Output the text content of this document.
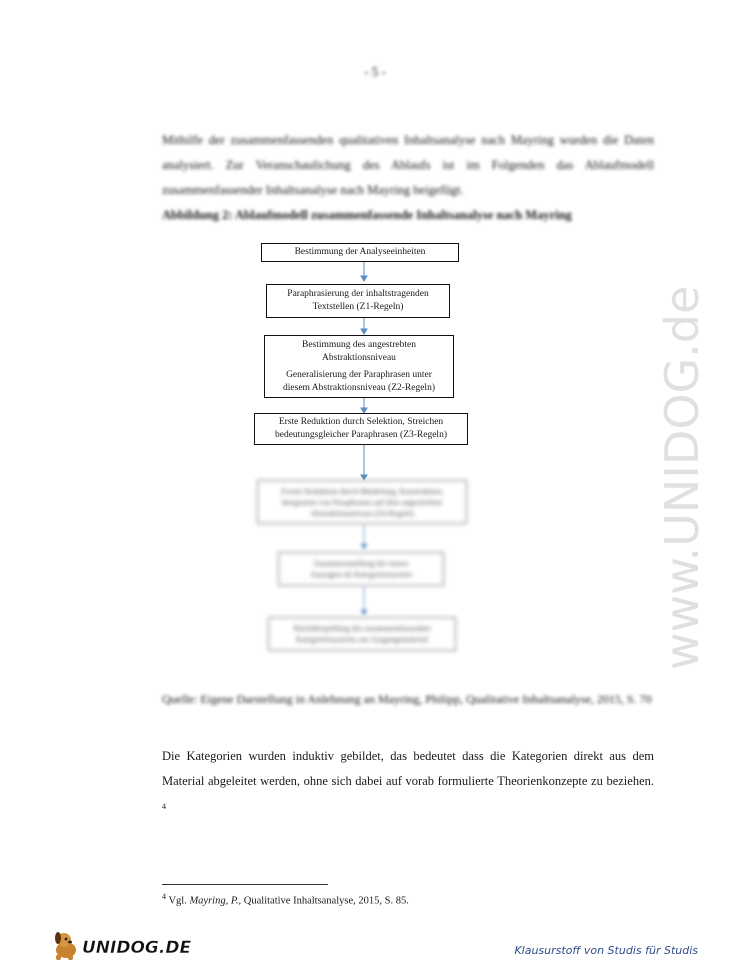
- 5 -
Mithilfe der zusammenfassenden qualitativen Inhaltsanalyse nach Mayring wurden die Daten analysiert. Zur Veranschaulichung des Ablaufs ist im Folgenden das Ablaufmodell zusammenfassender Inhaltsanalyse nach Mayring beigefügt.
Abbildung 2: Ablaufmodell zusammenfassende Inhaltsanalyse nach Mayring
Bestimmung der Analyseeinheiten
Paraphrasierung der inhaltstragenden
Textstellen (Z1-Regeln)
Bestimmung des angestrebten
Abstraktionsniveau
Generalisierung der Paraphrasen unter
diesem Abstraktionsniveau (Z2-Regeln)
Erste Reduktion durch Selektion, Streichen
bedeutungsgleicher Paraphrasen (Z3-Regeln)
Zweite Reduktion durch Bündelung, Konstruktion,
Integration von Paraphrasen auf dem angestrebten
Abstraktionsniveau (Z4-Regeln)
Zusammenstellung der neuen
Aussagen als Kategoriensystem
Rücküberprüfung des zusammenfassenden
Kategoriensystems am Ausgangsmaterial
Quelle: Eigene Darstellung in Anlehnung an Mayring, Philipp, Qualitative Inhaltsanalyse, 2015, S. 70
Die Kategorien wurden induktiv gebildet, das bedeutet dass die Kategorien direkt aus dem Material abgeleitet werden, ohne sich dabei auf vorab formulierte Theorienkonzepte zu beziehen. $^4$
$^4$ Vgl. Mayring, P., Qualitative Inhaltsanalyse, 2015, S. 85.
www.UNIDOG.de
UNIDOG.DE	Klausurstoff von Studis für Studis
